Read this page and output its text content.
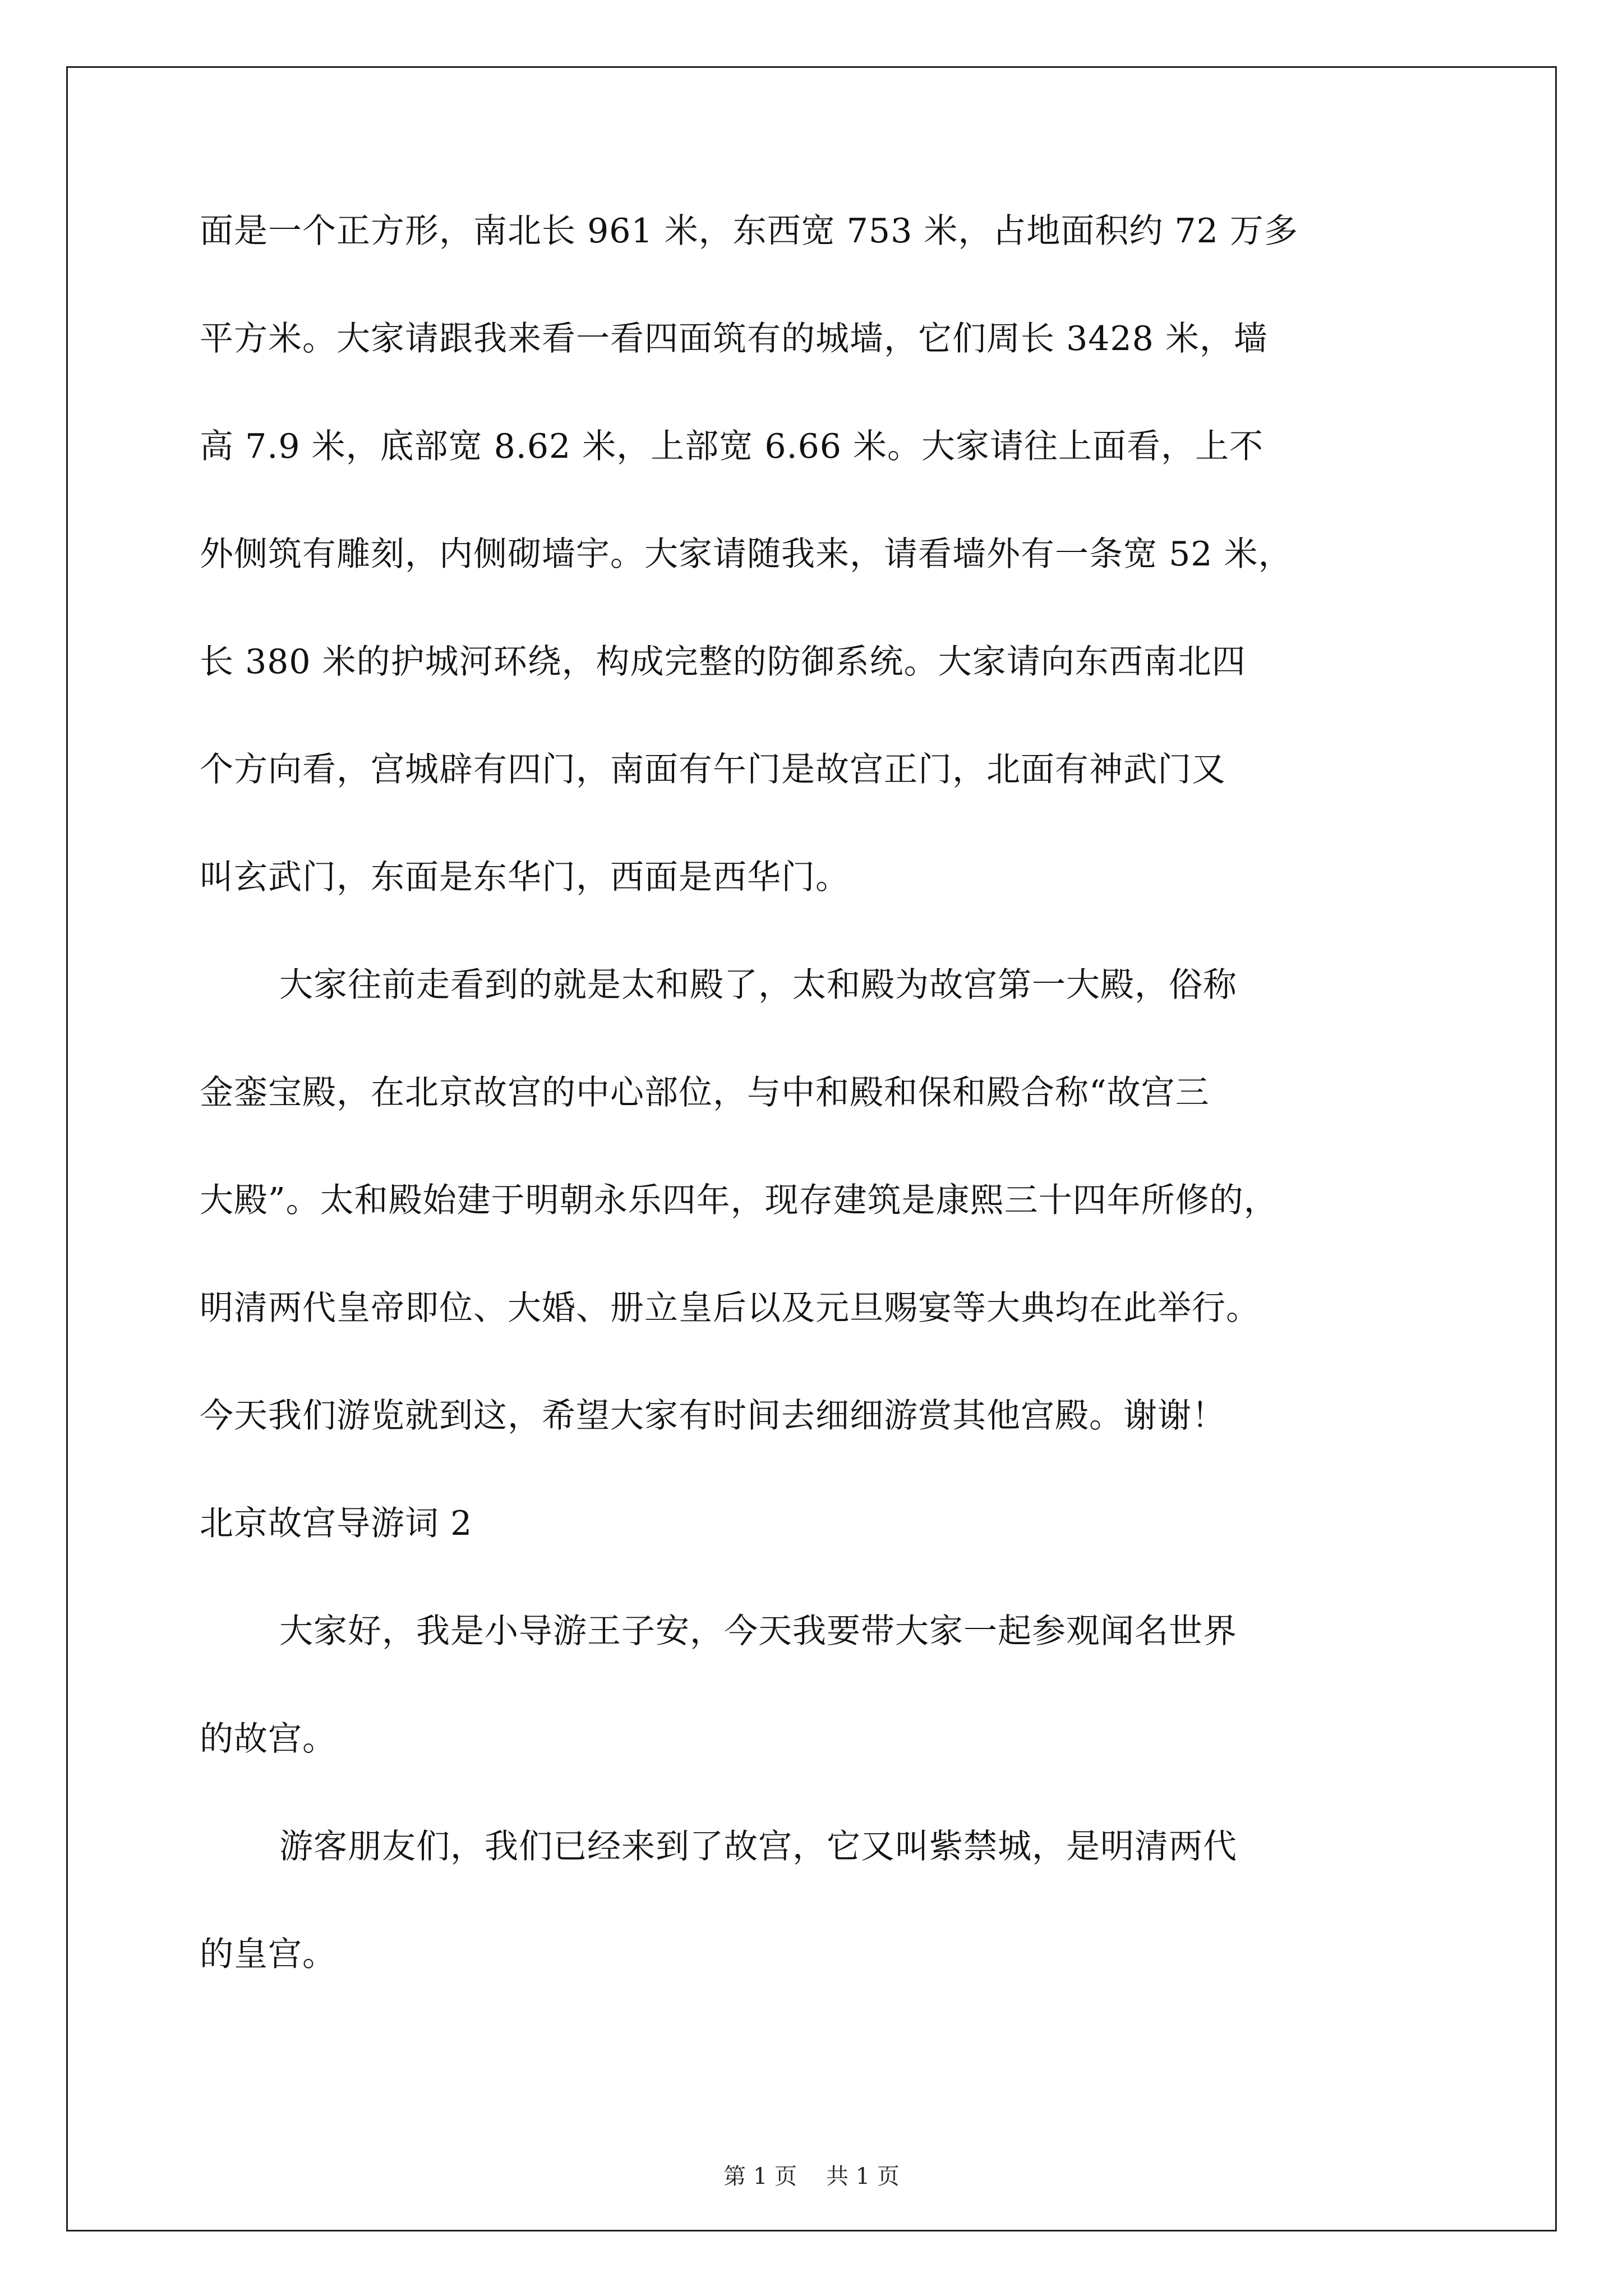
面是一个正方形，南北长 961 米，东西宽 753 米，占地面积约 72 万多
平方米。大家请跟我来看一看四面筑有的城墙，它们周长 3428 米，墙
高 7.9 米，底部宽 8.62 米，上部宽 6.66 米。大家请往上面看，上不
外侧筑有雕刻，内侧砌墙宇。大家请随我来，请看墙外有一条宽 52 米，
长 380 米的护城河环绕，构成完整的防御系统。大家请向东西南北四
个方向看，宫城辟有四门，南面有午门是故宫正门，北面有神武门又
叫玄武门，东面是东华门，西面是西华门。
大家往前走看到的就是太和殿了，太和殿为故宫第一大殿，俗称
金銮宝殿，在北京故宫的中心部位，与中和殿和保和殿合称“故宫三
大殿”。太和殿始建于明朝永乐四年，现存建筑是康熙三十四年所修的，
明清两代皇帝即位、大婚、册立皇后以及元旦赐宴等大典均在此举行。
今天我们游览就到这，希望大家有时间去细细游赏其他宫殿。谢谢！
北京故宫导游词 2
大家好，我是小导游王子安，今天我要带大家一起参观闻名世界
的故宫。
游客朋友们，我们已经来到了故宫，它又叫紫禁城，是明清两代
的皇宫。
第 1 页 共 1 页
